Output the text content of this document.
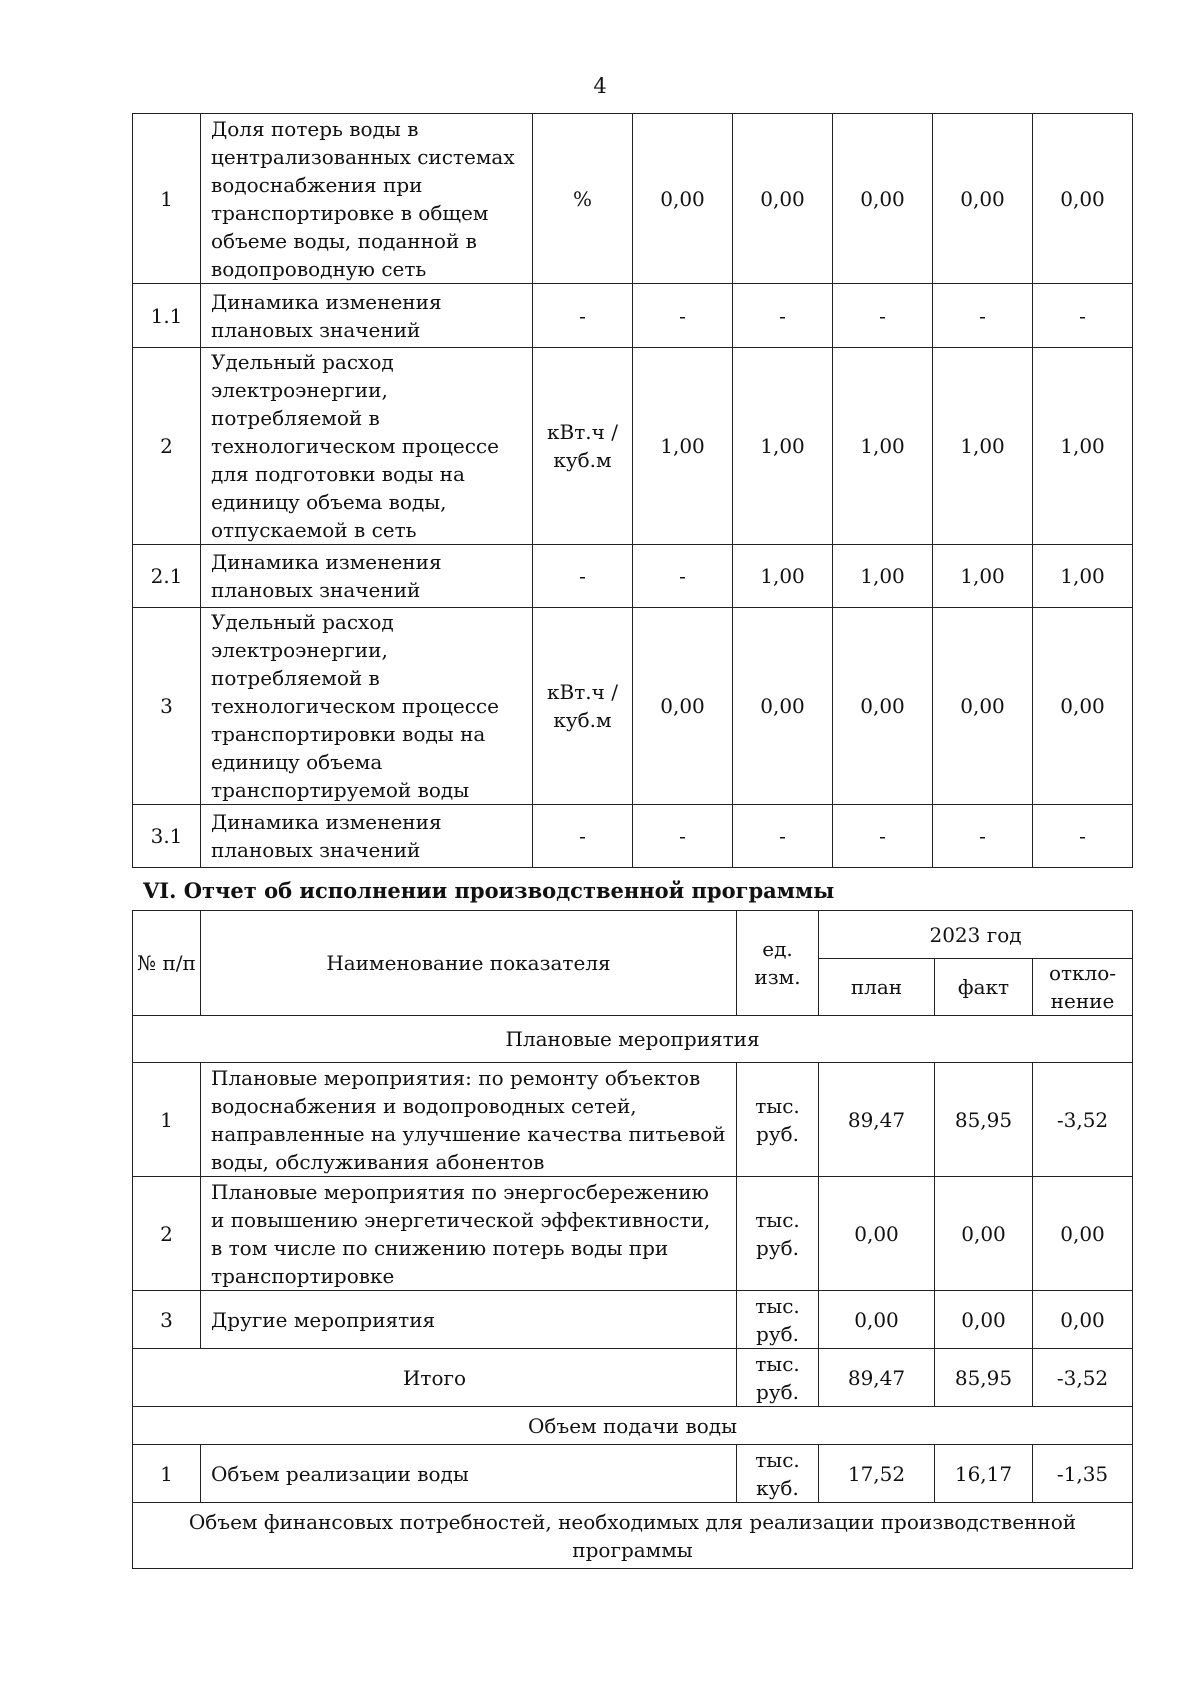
4
1	Доля потерь воды в централизованных системах водоснабжения при транспортировке в общем объеме воды, поданной в водопроводную сеть	%	0,00	0,00	0,00	0,00	0,00
1.1	Динамика изменения плановых значений	-	-	-	-	-	-
2	Удельный расход электроэнергии, потребляемой в технологическом процессе для подготовки воды на единицу объема воды, отпускаемой в сеть	кВт.ч / куб.м	1,00	1,00	1,00	1,00	1,00
2.1	Динамика изменения плановых значений	-	-	1,00	1,00	1,00	1,00
3	Удельный расход электроэнергии, потребляемой в технологическом процессе транспортировки воды на единицу объема транспортируемой воды	кВт.ч / куб.м	0,00	0,00	0,00	0,00	0,00
3.1	Динамика изменения плановых значений	-	-	-	-	-	-
VI. Отчет об исполнении производственной программы
№ п/п	Наименование показателя	ед. изм.	2023 год		
			план	факт	откло-нение
Плановые мероприятия					
1	Плановые мероприятия: по ремонту объектов водоснабжения и водопроводных сетей, направленные на улучшение качества питьевой воды, обслуживания абонентов	тыс. руб.	89,47	85,95	-3,52
2	Плановые мероприятия по энергосбережению и повышению энергетической эффективности, в том числе по снижению потерь воды при транспортировке	тыс. руб.	0,00	0,00	0,00
3	Другие мероприятия	тыс. руб.	0,00	0,00	0,00
Итого		тыс. руб.	89,47	85,95	-3,52
Объем подачи воды					
1	Объем реализации воды	тыс. куб.	17,52	16,17	-1,35
Объем финансовых потребностей, необходимых для реализации производственной программы					
